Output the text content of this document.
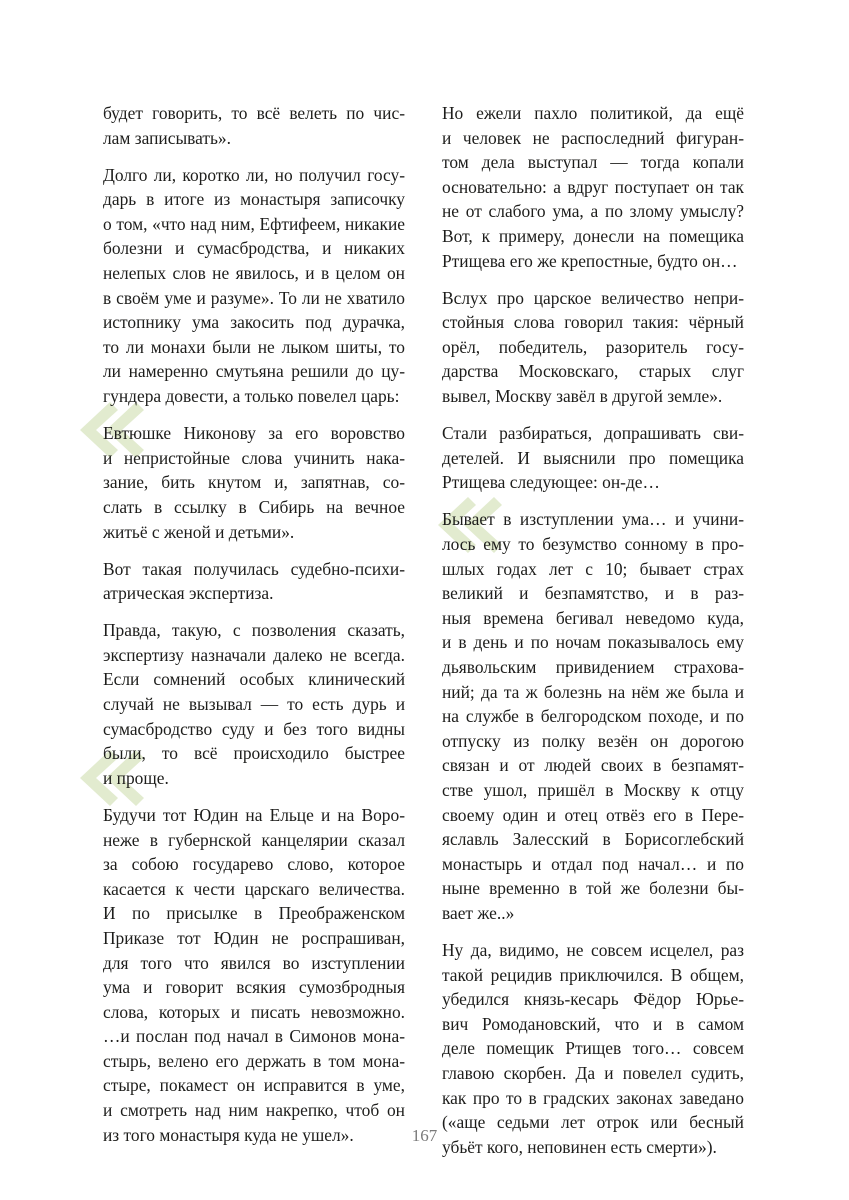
будет говорить, то всё велеть по чис-
лам записывать».
Долго ли, коротко ли, но получил госу-
дарь в итоге из монастыря записочку
о том, «что над ним, Ефтифеем, никакие
болезни и сумасбродства, и никаких
нелепых слов не явилось, и в целом он
в своём уме и разуме». То ли не хватило
истопнику ума закосить под дурачка,
то ли монахи были не лыком шиты, то
ли намеренно смутьяна решили до цу-
гундера довести, а только повелел царь:
Евтюшке Никонову за его воровство
и непристойные слова учинить нака-
зание, бить кнутом и, запятнав, со-
слать в ссылку в Сибирь на вечное
житьё с женой и детьми».
Вот такая получилась судебно-психи-
атрическая экспертиза.
Правда, такую, с позволения сказать,
экспертизу назначали далеко не всегда.
Если сомнений особых клинический
случай не вызывал — то есть дурь и
сумасбродство суду и без того видны
были, то всё происходило быстрее
и проще.
Будучи тот Юдин на Ельце и на Воро-
неже в губернской канцелярии сказал
за собою государево слово, которое
касается к чести царскаго величества.
И по присылке в Преображенском
Приказе тот Юдин не роспрашиван,
для того что явился во изступлении
ума и говорит всякия сумозбродныя
слова, которых и писать невозможно.
…и послан под начал в Симонов мона-
стырь, велено его держать в том мона-
стыре, покамест он исправится в уме,
и смотреть над ним накрепко, чтоб он
из того монастыря куда не ушел».
Но ежели пахло политикой, да ещё
и человек не распоследний фигуран-
том дела выступал — тогда копали
основательно: а вдруг поступает он так
не от слабого ума, а по злому умыслу?
Вот, к примеру, донесли на помещика
Ртищева его же крепостные, будто он…
Вслух про царское величество непри-
стойныя слова говорил такия: чёрный
орёл, победитель, разоритель госу-
дарства Московскаго, старых слуг
вывел, Москву завёл в другой земле».
Стали разбираться, допрашивать сви-
детелей. И выяснили про помещика
Ртищева следующее: он-де…
Бывает в изступлении ума… и учини-
лось ему то безумство сонному в про-
шлых годах лет с 10; бывает страх
великий и безпамятство, и в раз-
ныя времена бегивал неведомо куда,
и в день и по ночам показывалось ему
дьявольским привидением страхова-
ний; да та ж болезнь на нём же была и
на службе в белгородском походе, и по
отпуску из полку везён он дорогою
связан и от людей своих в безпамят-
стве ушол, пришёл в Москву к отцу
своему один и отец отвёз его в Пере-
яславль Залесский в Борисоглебский
монастырь и отдал под начал… и по
ныне временно в той же болезни бы-
вает же..»
Ну да, видимо, не совсем исцелел, раз
такой рецидив приключился. В общем,
убедился князь-кесарь Фёдор Юрье-
вич Ромодановский, что и в самом
деле помещик Ртищев того… совсем
главою скорбен. Да и повелел судить,
как про то в градских законах заведано
(«аще седьми лет отрок или бесный
убьёт кого, неповинен есть смерти»).
167
